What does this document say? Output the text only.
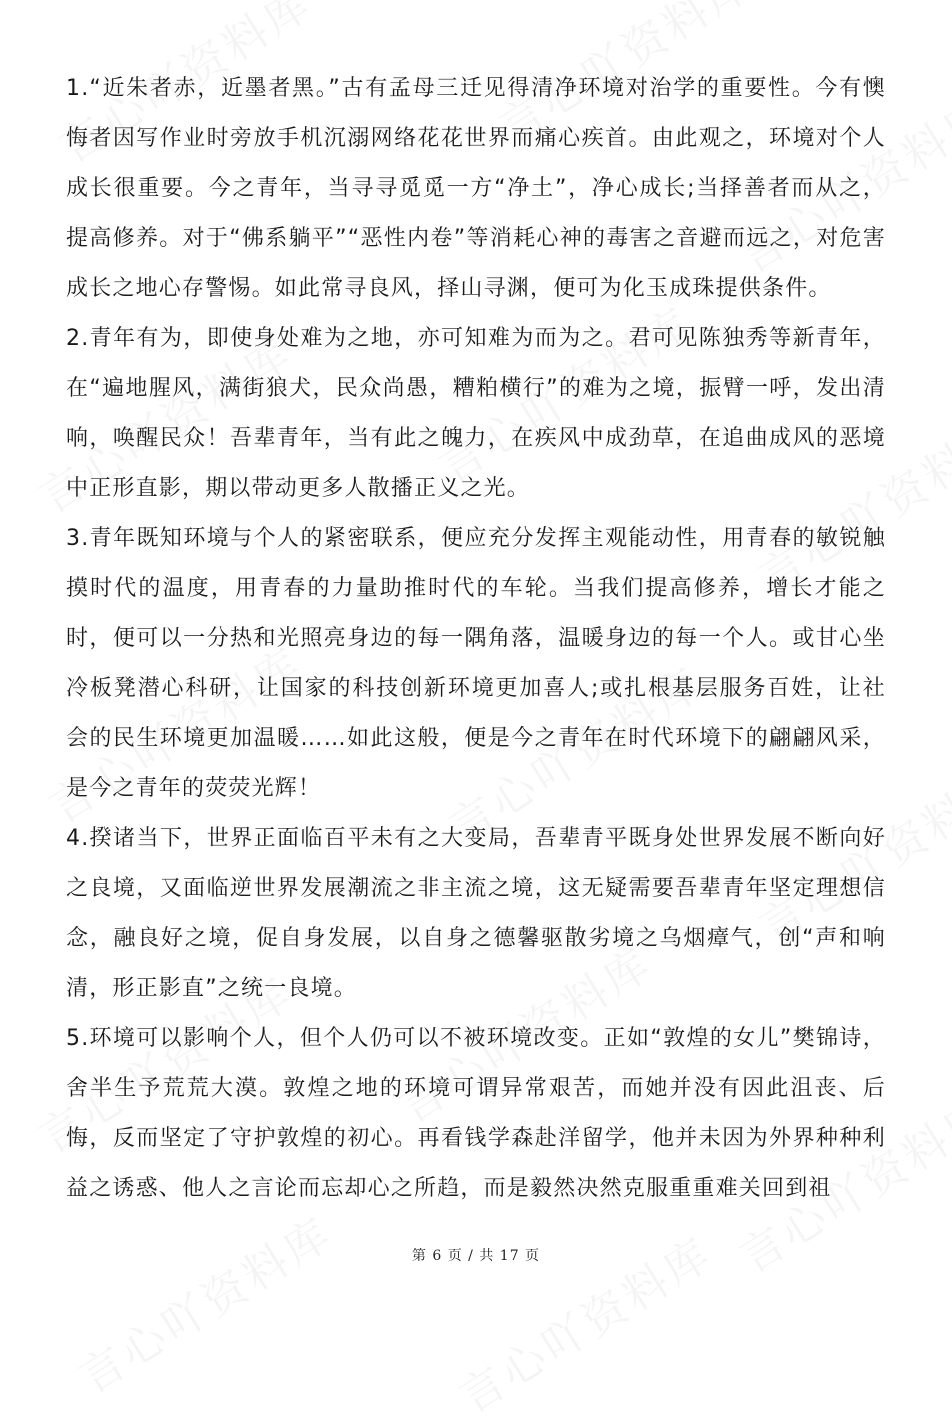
1.“近朱者赤，近墨者黑。”古有孟母三迁见得清净环境对治学的重要性。今有懊悔者因写作业时旁放手机沉溺网络花花世界而痛心疾首。由此观之，环境对个人成长很重要。今之青年，当寻寻觅觅一方“净土”，净心成长;当择善者而从之，提高修养。对于“佛系躺平”“恶性内卷”等消耗心神的毒害之音避而远之，对危害成长之地心存警惕。如此常寻良风，择山寻渊，便可为化玉成珠提供条件。

2.青年有为，即使身处难为之地，亦可知难为而为之。君可见陈独秀等新青年，在“遍地腥风，满街狼犬，民众尚愚，糟粕横行”的难为之境，振臂一呼，发出清响，唤醒民众！吾辈青年，当有此之魄力，在疾风中成劲草，在追曲成风的恶境中正形直影，期以带动更多人散播正义之光。

3.青年既知环境与个人的紧密联系，便应充分发挥主观能动性，用青春的敏锐触摸时代的温度，用青春的力量助推时代的车轮。当我们提高修养，增长才能之时，便可以一分热和光照亮身边的每一隅角落，温暖身边的每一个人。或甘心坐冷板凳潜心科研，让国家的科技创新环境更加喜人;或扎根基层服务百姓，让社会的民生环境更加温暖……如此这般，便是今之青年在时代环境下的翩翩风采，是今之青年的荧荧光辉！

4.揆诸当下，世界正面临百平未有之大变局，吾辈青平既身处世界发展不断向好之良境，又面临逆世界发展潮流之非主流之境，这无疑需要吾辈青年坚定理想信念，融良好之境，促自身发展，以自身之德馨驱散劣境之乌烟瘴气，创“声和响清，形正影直”之统一良境。

5.环境可以影响个人，但个人仍可以不被环境改变。正如“敦煌的女儿”樊锦诗，舍半生予荒荒大漠。敦煌之地的环境可谓异常艰苦，而她并没有因此沮丧、后悔，反而坚定了守护敦煌的初心。再看钱学森赴洋留学，他并未因为外界种种利益之诱惑、他人之言论而忘却心之所趋，而是毅然决然克服重重难关回到祖

第 6 页 / 共 17 页
